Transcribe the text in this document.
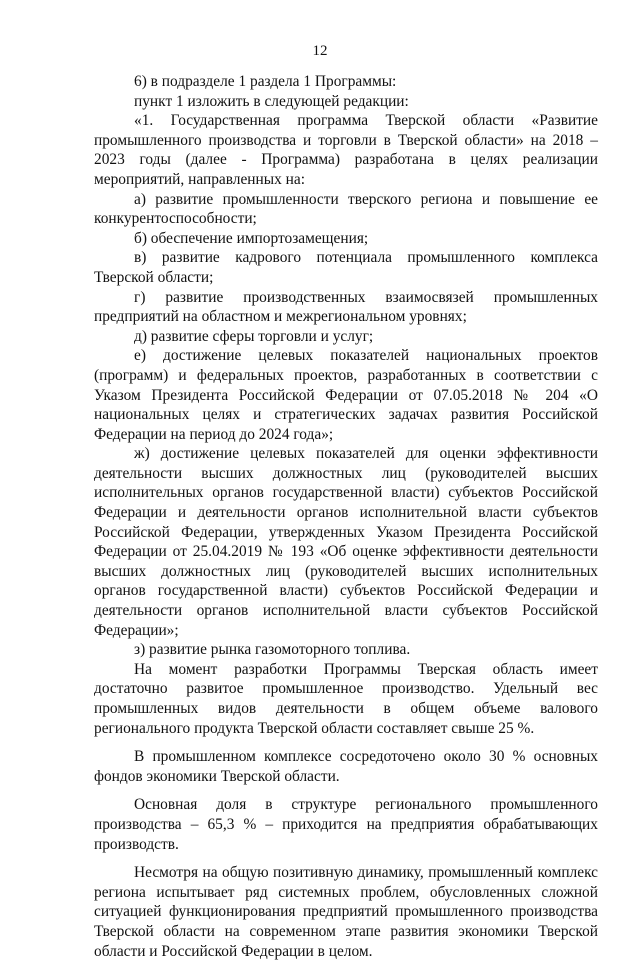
12

6) в подразделе 1 раздела 1 Программы:

пункт 1 изложить в следующей редакции:

«1. Государственная программа Тверской области «Развитие промышленного производства и торговли в Тверской области» на 2018 – 2023 годы (далее - Программа) разработана в целях реализации мероприятий, направленных на:

а) развитие промышленности тверского региона и повышение ее конкурентоспособности;

б) обеспечение импортозамещения;

в) развитие кадрового потенциала промышленного комплекса Тверской области;

г) развитие производственных взаимосвязей промышленных предприятий на областном и межрегиональном уровнях;

д) развитие сферы торговли и услуг;

е) достижение целевых показателей национальных проектов (программ) и федеральных проектов, разработанных в соответствии с Указом Президента Российской Федерации от 07.05.2018 № 204 «О национальных целях и стратегических задачах развития Российской Федерации на период до 2024 года»;

ж) достижение целевых показателей для оценки эффективности деятельности высших должностных лиц (руководителей высших исполнительных органов государственной власти) субъектов Российской Федерации и деятельности органов исполнительной власти субъектов Российской Федерации, утвержденных Указом Президента Российской Федерации от 25.04.2019 № 193 «Об оценке эффективности деятельности высших должностных лиц (руководителей высших исполнительных органов государственной власти) субъектов Российской Федерации и деятельности органов исполнительной власти субъектов Российской Федерации»;

з) развитие рынка газомоторного топлива.

На момент разработки Программы Тверская область имеет достаточно развитое промышленное производство. Удельный вес промышленных видов деятельности в общем объеме валового регионального продукта Тверской области составляет свыше 25 %.

В промышленном комплексе сосредоточено около 30 % основных фондов экономики Тверской области.

Основная доля в структуре регионального промышленного производства – 65,3 % – приходится на предприятия обрабатывающих производств.

Несмотря на общую позитивную динамику, промышленный комплекс региона испытывает ряд системных проблем, обусловленных сложной ситуацией функционирования предприятий промышленного производства Тверской области на современном этапе развития экономики Тверской области и Российской Федерации в целом.
